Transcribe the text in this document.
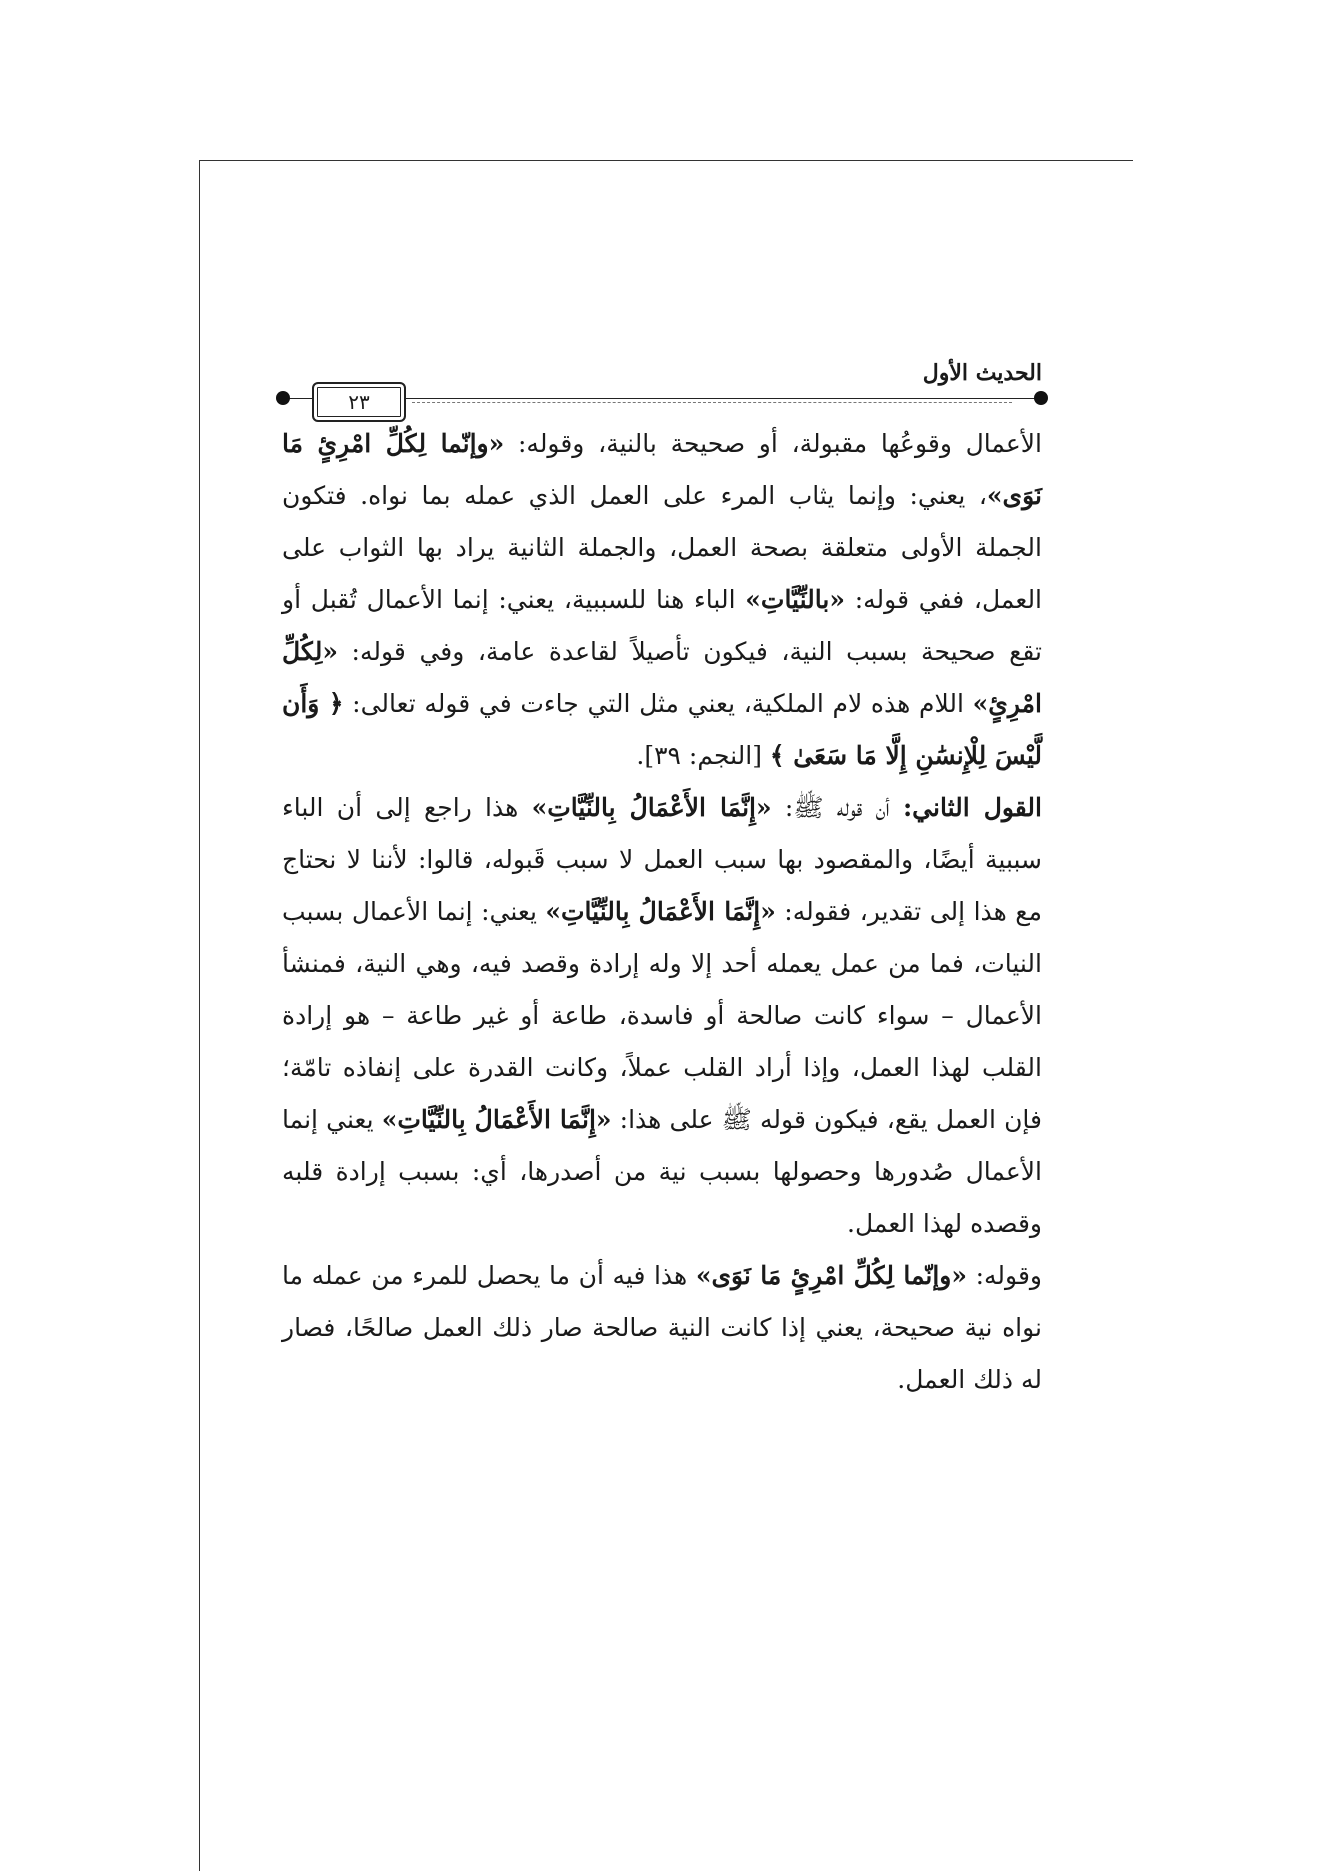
الحديث الأول
٢٣

الأعمال وقوعُها مقبولة، أو صحيحة بالنية، وقوله: «وإنّما لِكُلِّ امْرِئٍ مَا نَوَى»، يعني: وإنما يثاب المرء على العمل الذي عمله بما نواه. فتكون الجملة الأولى متعلقة بصحة العمل، والجملة الثانية يراد بها الثواب على العمل، ففي قوله: «بالنِّيَّاتِ» الباء هنا للسببية، يعني: إنما الأعمال تُقبل أو تقع صحيحة بسبب النية، فيكون تأصيلاً لقاعدة عامة، وفي قوله: «لِكُلِّ امْرِئٍ» اللام هذه لام الملكية، يعني مثل التي جاءت في قوله تعالى: ﴿ وَأَن لَّيْسَ لِلْإِنسَٰنِ إِلَّا مَا سَعَىٰ ﴾ [النجم: ٣٩].

القول الثاني: أن قوله ﷺ: «إِنَّمَا الأَعْمَالُ بِالنِّيَّاتِ» هذا راجع إلى أن الباء سببية أيضًا، والمقصود بها سبب العمل لا سبب قَبوله، قالوا: لأننا لا نحتاج مع هذا إلى تقدير، فقوله: «إِنَّمَا الأَعْمَالُ بِالنِّيَّاتِ» يعني: إنما الأعمال بسبب النيات، فما من عمل يعمله أحد إلا وله إرادة وقصد فيه، وهي النية، فمنشأ الأعمال – سواء كانت صالحة أو فاسدة، طاعة أو غير طاعة – هو إرادة القلب لهذا العمل، وإذا أراد القلب عملاً، وكانت القدرة على إنفاذه تامّة؛ فإن العمل يقع، فيكون قوله ﷺ على هذا: «إِنَّمَا الأَعْمَالُ بِالنِّيَّاتِ» يعني إنما الأعمال صُدورها وحصولها بسبب نية من أصدرها، أي: بسبب إرادة قلبه وقصده لهذا العمل.

وقوله: «وإنّما لِكُلِّ امْرِئٍ مَا نَوَى» هذا فيه أن ما يحصل للمرء من عمله ما نواه نية صحيحة، يعني إذا كانت النية صالحة صار ذلك العمل صالحًا، فصار له ذلك العمل.
